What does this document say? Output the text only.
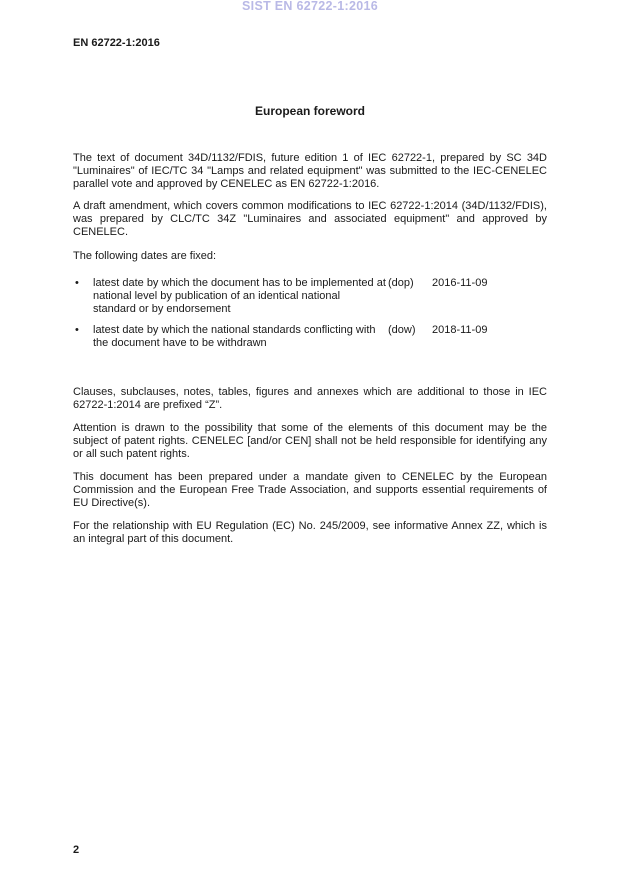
SIST EN 62722-1:2016
EN 62722-1:2016
European foreword
The text of document 34D/1132/FDIS, future edition 1 of IEC 62722-1, prepared by SC 34D "Luminaires" of IEC/TC 34 "Lamps and related equipment" was submitted to the IEC-CENELEC parallel vote and approved by CENELEC as EN 62722-1:2016.
A draft amendment, which covers common modifications to IEC 62722-1:2014 (34D/1132/FDIS), was prepared by CLC/TC 34Z "Luminaires and associated equipment" and approved by CENELEC.
The following dates are fixed:
•	latest date by which the document has to be implemented at
national level by publication of an identical national
standard or by endorsement
(dop)	2016-11-09
•	latest date by which the national standards conflicting with
the document have to be withdrawn
(dow)	2018-11-09
Clauses, subclauses, notes, tables, figures and annexes which are additional to those in IEC 62722-1:2014 are prefixed “Z”.
Attention is drawn to the possibility that some of the elements of this document may be the subject of patent rights. CENELEC [and/or CEN] shall not be held responsible for identifying any or all such patent rights.
This document has been prepared under a mandate given to CENELEC by the European Commission and the European Free Trade Association, and supports essential requirements of EU Directive(s).
For the relationship with EU Regulation (EC) No. 245/2009, see informative Annex ZZ, which is an integral part of this document.
2
